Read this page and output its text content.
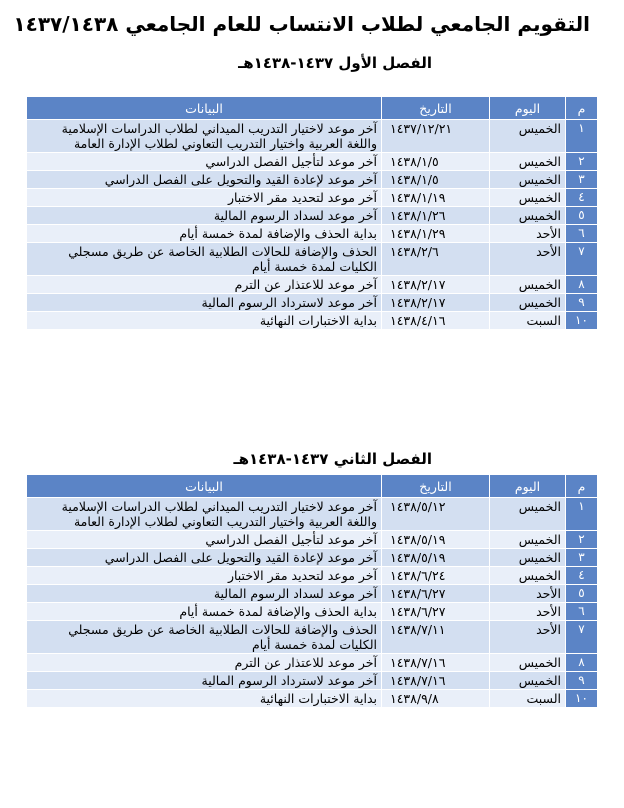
التقويم الجامعي لطلاب الانتساب للعام الجامعي ١٤٣٧/١٤٣٨
الفصل الأول ١٤٣٧-١٤٣٨هـ
م	اليوم	التاريخ	البيانات
١	الخميس	١٤٣٧/١٢/٢١	آخر موعد لاختيار التدريب الميداني لطلاب الدراسات الإسلامية واللغة العربية واختيار التدريب التعاوني لطلاب الإدارة العامة
٢	الخميس	١٤٣٨/١/٥	آخر موعد لتأجيل الفصل الدراسي
٣	الخميس	١٤٣٨/١/٥	آخر موعد لإعادة القيد والتحويل على الفصل الدراسي
٤	الخميس	١٤٣٨/١/١٩	آخر موعد لتحديد مقر الاختبار
٥	الخميس	١٤٣٨/١/٢٦	آخر موعد لسداد الرسوم المالية
٦	الأحد	١٤٣٨/١/٢٩	بداية الحذف والإضافة لمدة خمسة أيام
٧	الأحد	١٤٣٨/٢/٦	الحذف والإضافة للحالات الطلابية الخاصة عن طريق مسجلي الكليات لمدة خمسة أيام
٨	الخميس	١٤٣٨/٢/١٧	آخر موعد للاعتذار عن الترم
٩	الخميس	١٤٣٨/٢/١٧	آخر موعد لاسترداد الرسوم المالية
١٠	السبت	١٤٣٨/٤/١٦	بداية الاختبارات النهائية
الفصل الثاني ١٤٣٧-١٤٣٨هـ
م	اليوم	التاريخ	البيانات
١	الخميس	١٤٣٨/٥/١٢	آخر موعد لاختيار التدريب الميداني لطلاب الدراسات الإسلامية واللغة العربية واختيار التدريب التعاوني لطلاب الإدارة العامة
٢	الخميس	١٤٣٨/٥/١٩	آخر موعد لتأجيل الفصل الدراسي
٣	الخميس	١٤٣٨/٥/١٩	آخر موعد لإعادة القيد والتحويل على الفصل الدراسي
٤	الخميس	١٤٣٨/٦/٢٤	آخر موعد لتحديد مقر الاختبار
٥	الأحد	١٤٣٨/٦/٢٧	آخر موعد لسداد الرسوم المالية
٦	الأحد	١٤٣٨/٦/٢٧	بداية الحذف والإضافة لمدة خمسة أيام
٧	الأحد	١٤٣٨/٧/١١	الحذف والإضافة للحالات الطلابية الخاصة عن طريق مسجلي الكليات لمدة خمسة أيام
٨	الخميس	١٤٣٨/٧/١٦	آخر موعد للاعتذار عن الترم
٩	الخميس	١٤٣٨/٧/١٦	آخر موعد لاسترداد الرسوم المالية
١٠	السبت	١٤٣٨/٩/٨	بداية الاختبارات النهائية
